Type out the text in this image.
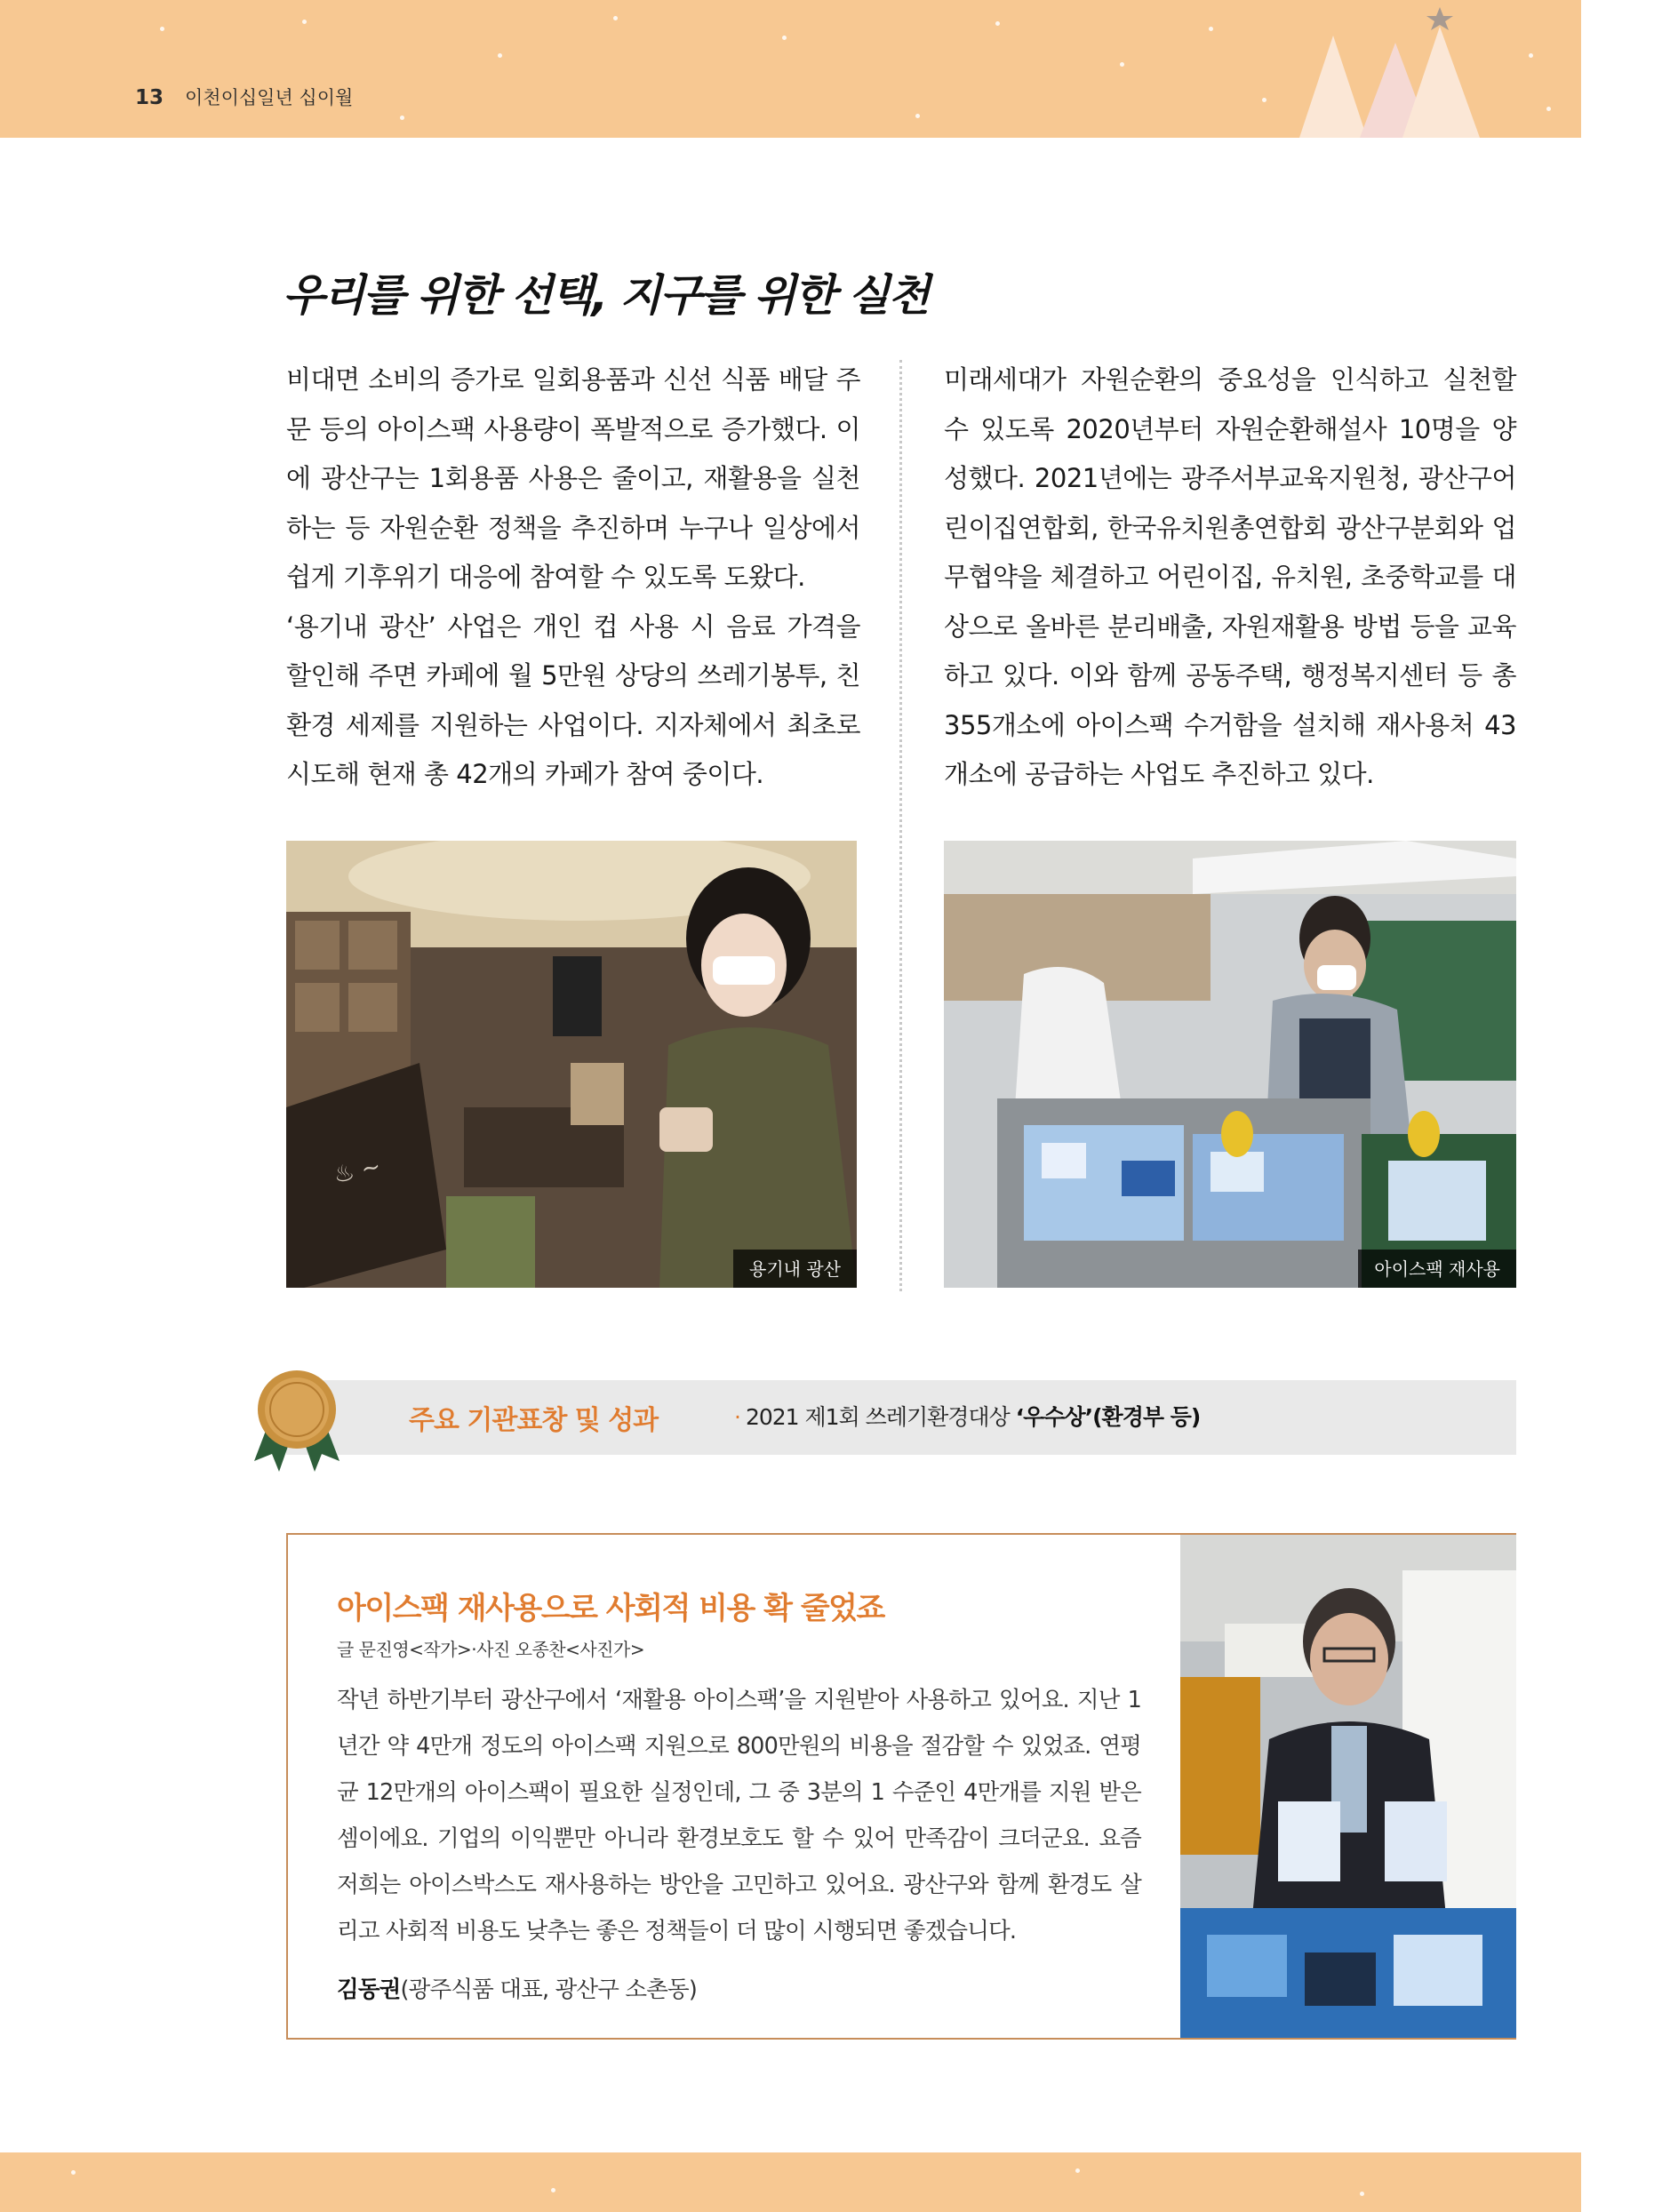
13 이천이십일년 십이월
우리를 위한 선택, 지구를 위한 실천

비대면 소비의 증가로 일회용품과 신선 식품 배달 주문 등의 아이스팩 사용량이 폭발적으로 증가했다. 이에 광산구는 1회용품 사용은 줄이고, 재활용을 실천하는 등 자원순환 정책을 추진하며 누구나 일상에서 쉽게 기후위기 대응에 참여할 수 있도록 도왔다.

‘용기내 광산’ 사업은 개인 컵 사용 시 음료 가격을 할인해 주면 카페에 월 5만원 상당의 쓰레기봉투, 친환경 세제를 지원하는 사업이다. 지자체에서 최초로 시도해 현재 총 42개의 카페가 참여 중이다.

미래세대가 자원순환의 중요성을 인식하고 실천할 수 있도록 2020년부터 자원순환해설사 10명을 양성했다. 2021년에는 광주서부교육지원청, 광산구어린이집연합회, 한국유치원총연합회 광산구분회와 업무협약을 체결하고 어린이집, 유치원, 초중학교를 대상으로 올바른 분리배출, 자원재활용 방법 등을 교육하고 있다. 이와 함께 공동주택, 행정복지센터 등 총355개소에 아이스팩 수거함을 설치해 재사용처 43개소에 공급하는 사업도 추진하고 있다.

♨ ~
용기내 광산	아이스팩 재사용
주요 기관표창 및 성과	· 2021 제1회 쓰레기환경대상 ‘우수상’(환경부 등)
아이스팩 재사용으로 사회적 비용 확 줄었죠
글 문진영<작가>·사진 오종찬<사진가>
작년 하반기부터 광산구에서 ‘재활용 아이스팩’을 지원받아 사용하고 있어요. 지난 1년간 약 4만개 정도의 아이스팩 지원으로 800만원의 비용을 절감할 수 있었죠. 연평균 12만개의 아이스팩이 필요한 실정인데, 그 중 3분의 1 수준인 4만개를 지원 받은 셈이에요. 기업의 이익뿐만 아니라 환경보호도 할 수 있어 만족감이 크더군요. 요즘 저희는 아이스박스도 재사용하는 방안을 고민하고 있어요. 광산구와 함께 환경도 살리고 사회적 비용도 낮추는 좋은 정책들이 더 많이 시행되면 좋겠습니다.
김동권(광주식품 대표, 광산구 소촌동)
